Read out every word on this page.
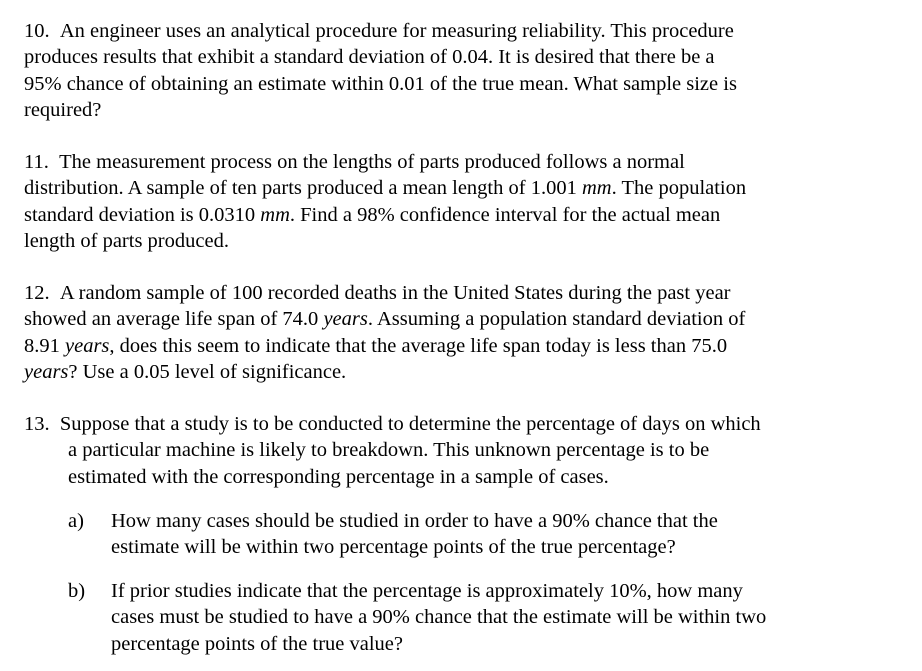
10. An engineer uses an analytical procedure for measuring reliability. This procedure
produces results that exhibit a standard deviation of 0.04. It is desired that there be a
95% chance of obtaining an estimate within 0.01 of the true mean. What sample size is
required?
11. The measurement process on the lengths of parts produced follows a normal
distribution. A sample of ten parts produced a mean length of 1.001 mm. The population
standard deviation is 0.0310 mm. Find a 98% confidence interval for the actual mean
length of parts produced.
12. A random sample of 100 recorded deaths in the United States during the past year
showed an average life span of 74.0 years. Assuming a population standard deviation of
8.91 years, does this seem to indicate that the average life span today is less than 75.0
years? Use a 0.05 level of significance.
13. Suppose that a study is to be conducted to determine the percentage of days on which
a particular machine is likely to breakdown. This unknown percentage is to be
estimated with the corresponding percentage in a sample of cases.
a) How many cases should be studied in order to have a 90% chance that the
estimate will be within two percentage points of the true percentage?
b) If prior studies indicate that the percentage is approximately 10%, how many
cases must be studied to have a 90% chance that the estimate will be within two
percentage points of the true value?
